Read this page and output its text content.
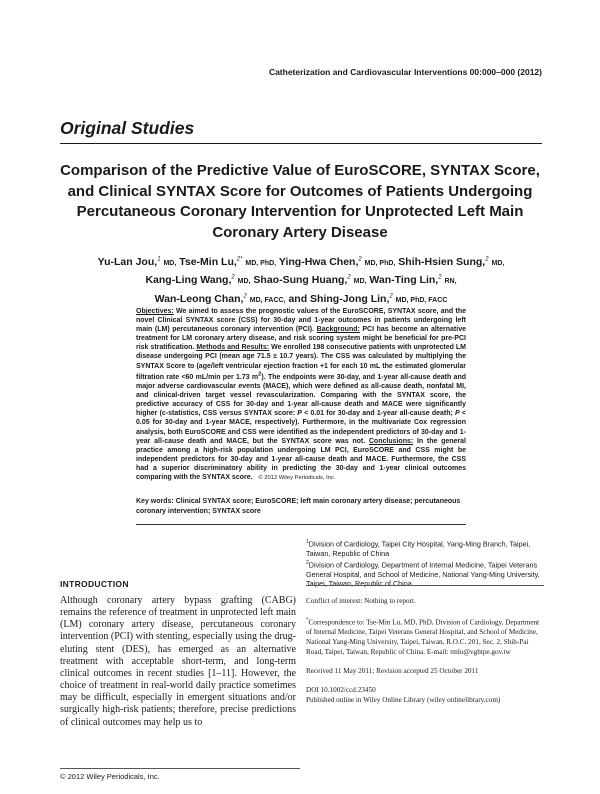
Catheterization and Cardiovascular Interventions 00:000–000 (2012)
Original Studies
Comparison of the Predictive Value of EuroSCORE, SYNTAX Score, and Clinical SYNTAX Score for Outcomes of Patients Undergoing Percutaneous Coronary Intervention for Unprotected Left Main Coronary Artery Disease
Yu-Lan Jou,$^1$ MD, Tse-Min Lu,$^{2*}$ MD, PhD, Ying-Hwa Chen,$^2$ MD, PhD, Shih-Hsien Sung,$^2$ MD,
Kang-Ling Wang,$^2$ MD, Shao-Sung Huang,$^2$ MD, Wan-Ting Lin,$^2$ RN,
Wan-Leong Chan,$^2$ MD, FACC, and Shing-Jong Lin,$^2$ MD, PhD, FACC
Objectives: We aimed to assess the prognostic values of the EuroSCORE, SYNTAX score, and the novel Clinical SYNTAX score (CSS) for 30-day and 1-year outcomes in patients undergoing left main (LM) percutaneous coronary intervention (PCI). Background: PCI has become an alternative treatment for LM coronary artery disease, and risk scoring system might be beneficial for pre-PCI risk stratification. Methods and Results: We enrolled 198 consecutive patients with unprotected LM disease undergoing PCI (mean age 71.5 ± 10.7 years). The CSS was calculated by multiplying the SYNTAX Score to (age/left ventricular ejection fraction +1 for each 10 mL the estimated glomerular filtration rate <60 mL/min per 1.73 $m^2$). The endpoints were 30-day, and 1-year all-cause death and major adverse cardiovascular events (MACE), which were defined as all-cause death, nonfatal MI, and clinical-driven target vessel revascularization. Comparing with the SYNTAX score, the predictive accuracy of CSS for 30-day and 1-year all-cause death and MACE were significantly higher (c-statistics, CSS versus SYNTAX score: P < 0.01 for 30-day and 1-year all-cause death; P < 0.05 for 30-day and 1-year MACE, respectively). Furthermore, in the multivariate Cox regression analysis, both EuroSCORE and CSS were identified as the independent predictors of 30-day and 1-year all-cause death and MACE, but the SYNTAX score was not. Conclusions: In the general practice among a high-risk population undergoing LM PCI, EuroSCORE and CSS might be independent predictors for 30-day and 1-year all-cause death and MACE. Furthermore, the CSS had a superior discriminatory ability in predicting the 30-day and 1-year clinical outcomes comparing with the SYNTAX score. © 2012 Wiley Periodicals, Inc.
Key words: Clinical SYNTAX score; EuroSCORE; left main coronary artery disease; percutaneous coronary intervention; SYNTAX score

$^1$Division of Cardiology, Taipei City Hospital, Yang-Ming Branch, Taipei, Taiwan, Republic of China

$^2$Division of Cardiology, Department of Internal Medicine, Taipei Veterans General Hospital, and School of Medicine, National Yang-Ming University, Taipei, Taiwan, Republic of China

INTRODUCTION
Although coronary artery bypass grafting (CABG) remains the reference of treatment in unprotected left main (LM) coronary artery disease, percutaneous coronary intervention (PCI) with stenting, especially using the drug-eluting stent (DES), has emerged as an alternative treatment with acceptable short-term, and long-term clinical outcomes in recent studies [1–11]. However, the choice of treatment in real-world daily practice sometimes may be difficult, especially in emergent situations and/or surgically high-risk patients; therefore, precise predictions of clinical outcomes may help us to

Conflict of interest: Nothing to report.

*Correspondence to: Tse-Min Lu, MD, PhD, Division of Cardiology, Department of Internal Medicine, Taipei Veterans General Hospital, and School of Medicine, National Yang-Ming University, Taipei, Taiwan, R.O.C. 201, Sec. 2, Shih-Pai Road, Taipei, Taiwan, Republic of China. E-mail: tmlu@vghtpe.gov.tw

Received 11 May 2011; Revision accepted 25 October 2011

DOI 10.1002/ccd.23450

Published online in Wiley Online Library (wiley onlinelibrary.com)

© 2012 Wiley Periodicals, Inc.
